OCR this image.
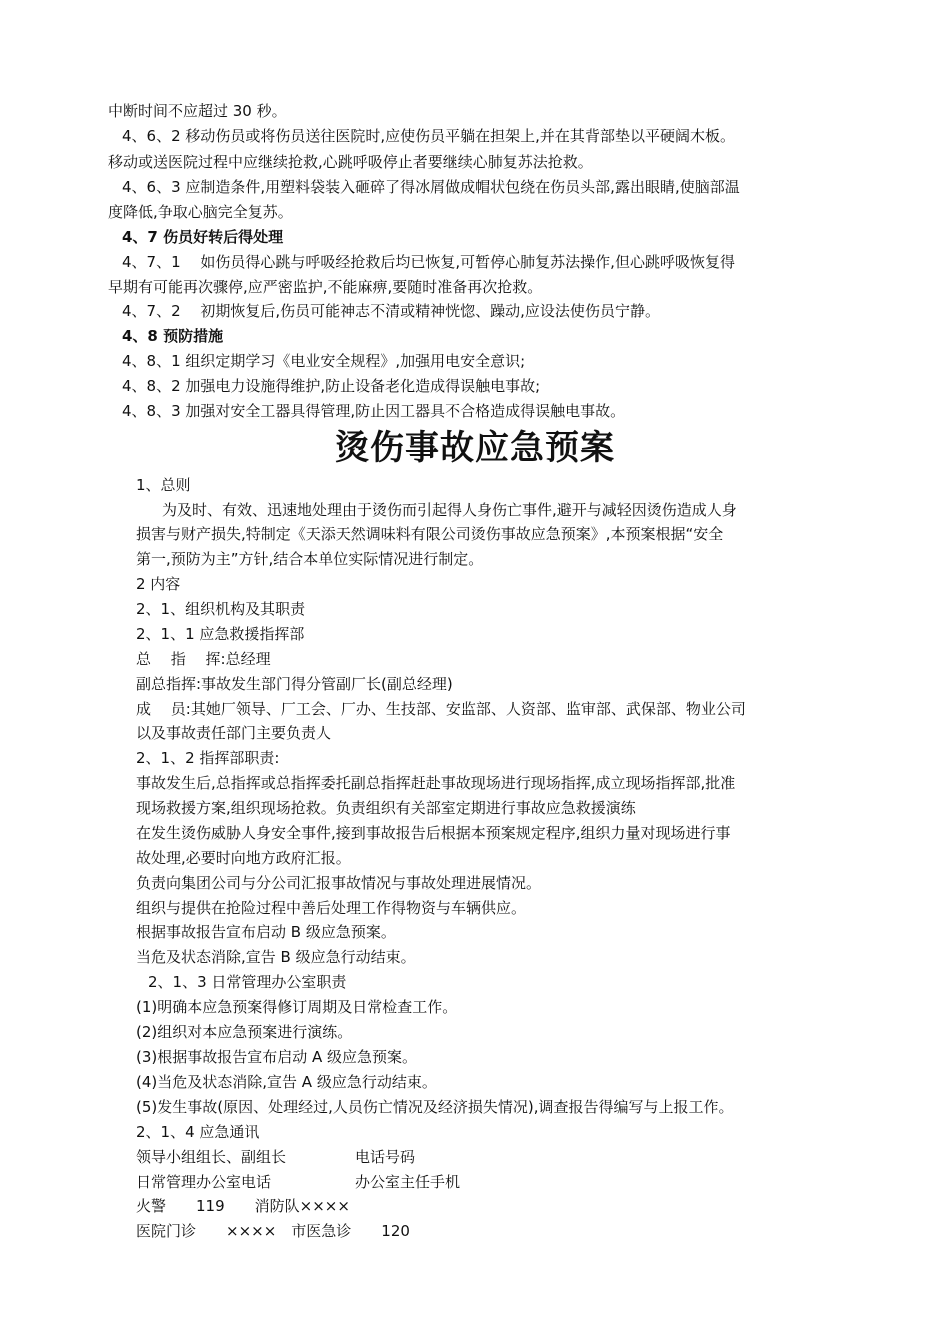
中断时间不应超过 30 秒。
4、6、2 移动伤员或将伤员送往医院时,应使伤员平躺在担架上,并在其背部垫以平硬阔木板。
移动或送医院过程中应继续抢救,心跳呼吸停止者要继续心肺复苏法抢救。
4、6、3 应制造条件,用塑料袋装入砸碎了得冰屑做成帽状包绕在伤员头部,露出眼睛,使脑部温
度降低,争取心脑完全复苏。
4、7 伤员好转后得处理
4、7、1　 如伤员得心跳与呼吸经抢救后均已恢复,可暂停心肺复苏法操作,但心跳呼吸恢复得
早期有可能再次骤停,应严密监护,不能麻痹,要随时准备再次抢救。
4、7、2　 初期恢复后,伤员可能神志不清或精神恍惚、躁动,应设法使伤员宁静。
4、8 预防措施
4、8、1 组织定期学习《电业安全规程》,加强用电安全意识;
4、8、2 加强电力设施得维护,防止设备老化造成得误触电事故;
4、8、3 加强对安全工器具得管理,防止因工器具不合格造成得误触电事故。
烫伤事故应急预案
1、总则
为及时、有效、迅速地处理由于烫伤而引起得人身伤亡事件,避开与减轻因烫伤造成人身
损害与财产损失,特制定《天添天然调味料有限公司烫伤事故应急预案》,本预案根据“安全
第一,预防为主”方针,结合本单位实际情况进行制定。
2 内容
2、1、组织机构及其职责
2、1、1 应急救援指挥部
总　 指　 挥:总经理
副总指挥:事故发生部门得分管副厂长(副总经理)
成　 员:其她厂领导、厂工会、厂办、生技部、安监部、人资部、监审部、武保部、物业公司
以及事故责任部门主要负责人
2、1、2 指挥部职责:
事故发生后,总指挥或总指挥委托副总指挥赶赴事故现场进行现场指挥,成立现场指挥部,批准
现场救援方案,组织现场抢救。负责组织有关部室定期进行事故应急救援演练
在发生烫伤威胁人身安全事件,接到事故报告后根据本预案规定程序,组织力量对现场进行事
故处理,必要时向地方政府汇报。
负责向集团公司与分公司汇报事故情况与事故处理进展情况。
组织与提供在抢险过程中善后处理工作得物资与车辆供应。
根据事故报告宣布启动 B 级应急预案。
当危及状态消除,宣告 B 级应急行动结束。
2、1、3 日常管理办公室职责
(1)明确本应急预案得修订周期及日常检查工作。
(2)组织对本应急预案进行演练。
(3)根据事故报告宣布启动 A 级应急预案。
(4)当危及状态消除,宣告 A 级应急行动结束。
(5)发生事故(原因、处理经过,人员伤亡情况及经济损失情况),调查报告得编写与上报工作。
2、1、4 应急通讯
领导小组组长、副组长	电话号码
日常管理办公室电话	办公室主任手机
火警　　119　　消防队××××
医院门诊　　××××　市医急诊　　120
